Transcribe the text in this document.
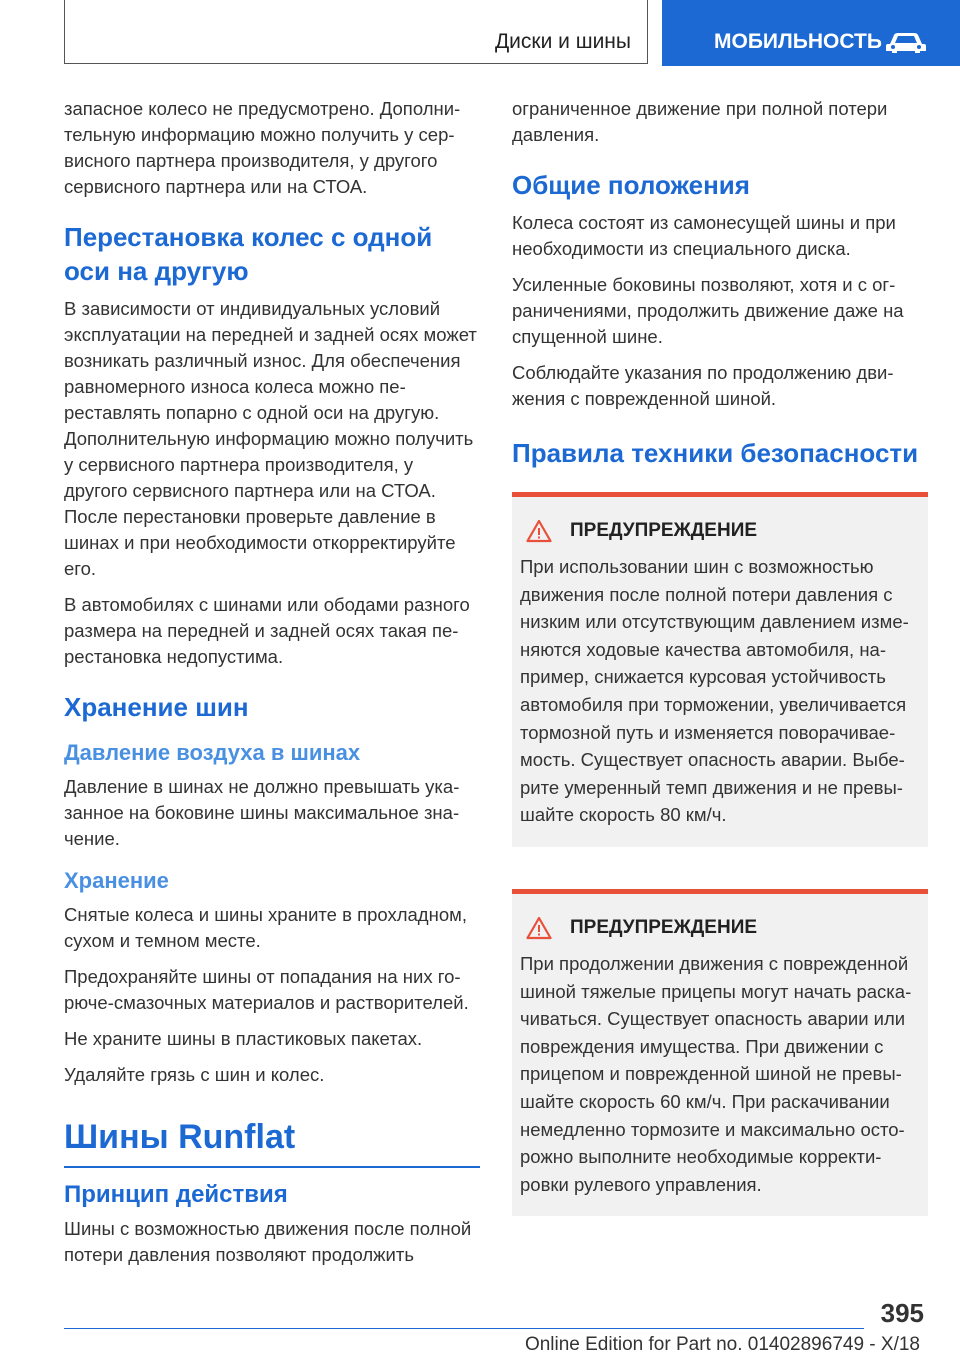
Диски и шины	МОБИЛЬНОСТЬ

запасное колесо не предусмотрено. Дополнительную информацию можно получить у сервисного партнера производителя, у другого сервисного партнера или на СТОА.

Перестановка колес с одной оси на другую

В зависимости от индивидуальных условий эксплуатации на передней и задней осях может возникать различный износ. Для обеспечения равномерного износа колеса можно переставлять попарно с одной оси на другую. Дополнительную информацию можно получить у сервисного партнера производителя, у другого сервисного партнера или на СТОА. После перестановки проверьте давление в шинах и при необходимости откорректируйте его.

В автомобилях с шинами или ободами разного размера на передней и задней осях такая перестановка недопустима.

Хранение шин
Давление воздуха в шинах

Давление в шинах не должно превышать указанное на боковине шины максимальное значение.

Хранение

Снятые колеса и шины храните в прохладном, сухом и темном месте.

Предохраняйте шины от попадания на них горюче-смазочных материалов и растворителей.

Не храните шины в пластиковых пакетах.

Удаляйте грязь с шин и колес.

Шины Runflat
Принцип действия

Шины с возможностью движения после полной потери давления позволяют продолжить

ограниченное движение при полной потери давления.

Общие положения

Колеса состоят из самонесущей шины и при необходимости из специального диска.

Усиленные боковины позволяют, хотя и с ограничениями, продолжить движение даже на спущенной шине.

Соблюдайте указания по продолжению движения с поврежденной шиной.

Правила техники безопасности
ПРЕДУПРЕЖДЕНИЕ

При использовании шин с возможностью движения после полной потери давления с низким или отсутствующим давлением изменяются ходовые качества автомобиля, например, снижается курсовая устойчивость автомобиля при торможении, увеличивается тормозной путь и изменяется поворачиваемость. Существует опасность аварии. Выберите умеренный темп движения и не превышайте скорость 80 км/ч.

ПРЕДУПРЕЖДЕНИЕ

При продолжении движения с поврежденной шиной тяжелые прицепы могут начать раскачиваться. Существует опасность аварии или повреждения имущества. При движении с прицепом и поврежденной шиной не превышайте скорость 60 км/ч. При раскачивании немедленно тормозите и максимально осторожно выполните необходимые корректировки рулевого управления.

395
Online Edition for Part no. 01402896749 - X/18
